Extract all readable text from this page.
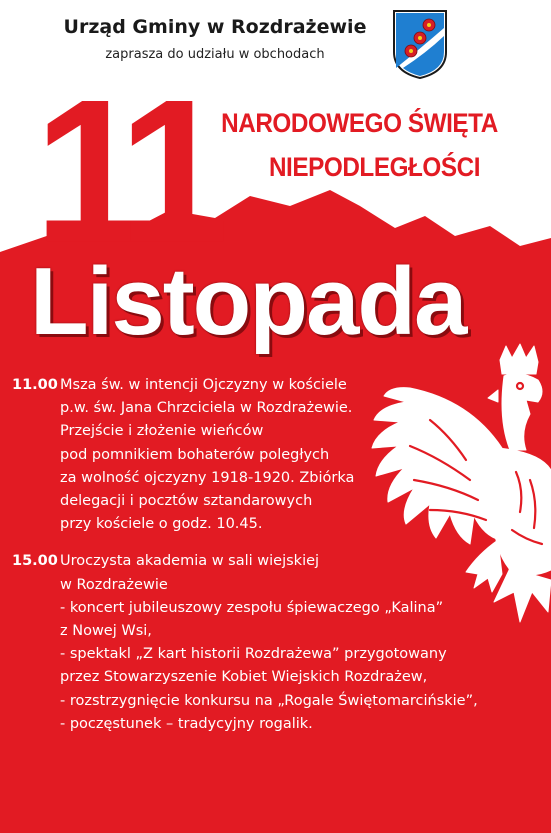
Urząd Gminy w Rozdrażewie
zaprasza do udziału w obchodach
11 NARODOWEGO ŚWIĘTA
NIEPODLEGŁOŚCI
Listopada
11.00 Msza św. w intencji Ojczyzny w kościele
p.w. św. Jana Chrzciciela w Rozdrażewie.
Przejście i złożenie wieńców
pod pomnikiem bohaterów poległych
za wolność ojczyzny 1918-1920. Zbiórka
delegacji i pocztów sztandarowych
przy kościele o godz. 10.45.
15.00 Uroczysta akademia w sali wiejskiej
w Rozdrażewie
- koncert jubileuszowy zespołu śpiewaczego „Kalina”
z Nowej Wsi,
- spektakl „Z kart historii Rozdrażewa” przygotowany
przez Stowarzyszenie Kobiet Wiejskich Rozdrażew,
- rozstrzygnięcie konkursu na „Rogale Świętomarcińskie”,
- poczęstunek – tradycyjny rogalik.
